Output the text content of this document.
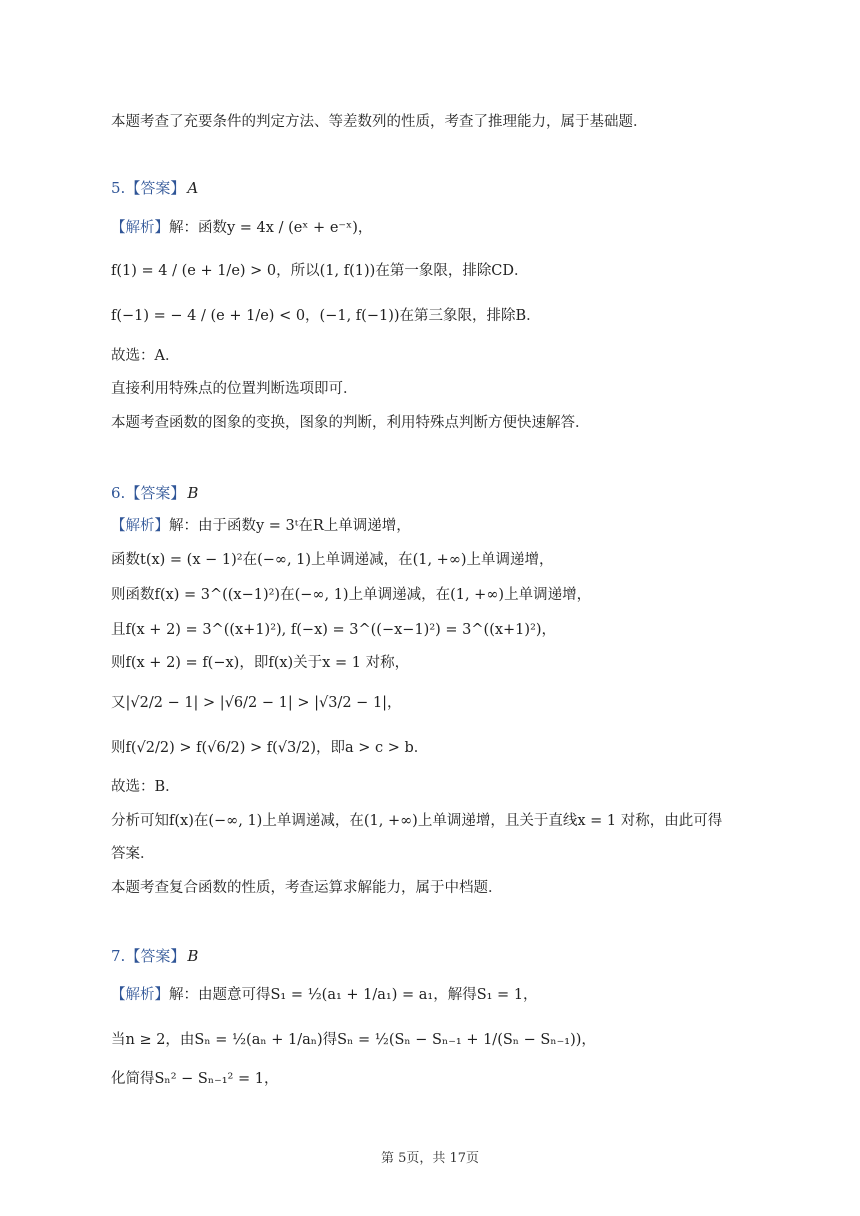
本题考查了充要条件的判定方法、等差数列的性质，考查了推理能力，属于基础题．
5.【答案】 A
【解析】解：函数y = 4x / (eˣ + e⁻ˣ)，
f(1) = 4 / (e + 1/e) > 0，所以(1, f(1))在第一象限，排除CD．
f(−1) = − 4 / (e + 1/e) < 0，(−1, f(−1))在第三象限，排除B．
故选：A．
直接利用特殊点的位置判断选项即可．
本题考查函数的图象的变换，图象的判断，利用特殊点判断方便快速解答．
6.【答案】 B
【解析】解：由于函数y = 3ᵗ在R上单调递增，
函数t(x) = (x − 1)²在(−∞, 1)上单调递减，在(1, +∞)上单调递增，
则函数f(x) = 3^((x−1)²)在(−∞, 1)上单调递减，在(1, +∞)上单调递增，
且f(x + 2) = 3^((x+1)²), f(−x) = 3^((−x−1)²) = 3^((x+1)²)，
则f(x + 2) = f(−x)，即f(x)关于x = 1 对称，
又|√2/2 − 1| > |√6/2 − 1| > |√3/2 − 1|，
则f(√2/2) > f(√6/2) > f(√3/2)，即a > c > b．
故选：B．
分析可知f(x)在(−∞, 1)上单调递减，在(1, +∞)上单调递增，且关于直线x = 1 对称，由此可得
答案．
本题考查复合函数的性质，考查运算求解能力，属于中档题．
7.【答案】 B
【解析】解：由题意可得S₁ = ½(a₁ + 1/a₁) = a₁，解得S₁ = 1，
当n ≥ 2，由Sₙ = ½(aₙ + 1/aₙ)得Sₙ = ½(Sₙ − Sₙ₋₁ + 1/(Sₙ − Sₙ₋₁))，
化简得Sₙ² − Sₙ₋₁² = 1，
第 5页，共 17页
